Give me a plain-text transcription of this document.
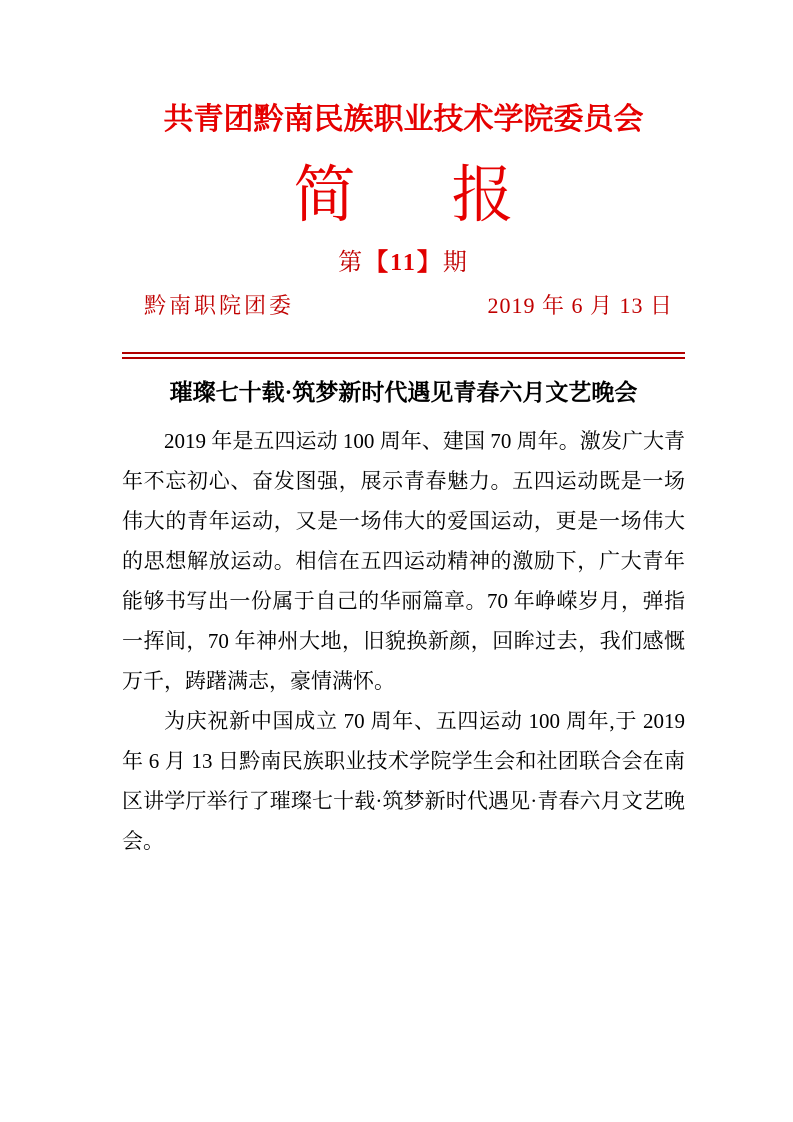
共青团黔南民族职业技术学院委员会
简 报
第【11】期
黔南职院团委	2019 年 6 月 13 日
璀璨七十载·筑梦新时代遇见青春六月文艺晚会

2019 年是五四运动 100 周年、建国 70 周年。激发广大青年不忘初心、奋发图强，展示青春魅力。五四运动既是一场伟大的青年运动，又是一场伟大的爱国运动，更是一场伟大的思想解放运动。相信在五四运动精神的激励下，广大青年能够书写出一份属于自己的华丽篇章。70 年峥嵘岁月，弹指一挥间，70 年神州大地，旧貌换新颜，回眸过去，我们感慨万千，踌躇满志，豪情满怀。

为庆祝新中国成立 70 周年、五四运动 100 周年,于 2019 年 6 月 13 日黔南民族职业技术学院学生会和社团联合会在南区讲学厅举行了璀璨七十载·筑梦新时代遇见·青春六月文艺晚会。
